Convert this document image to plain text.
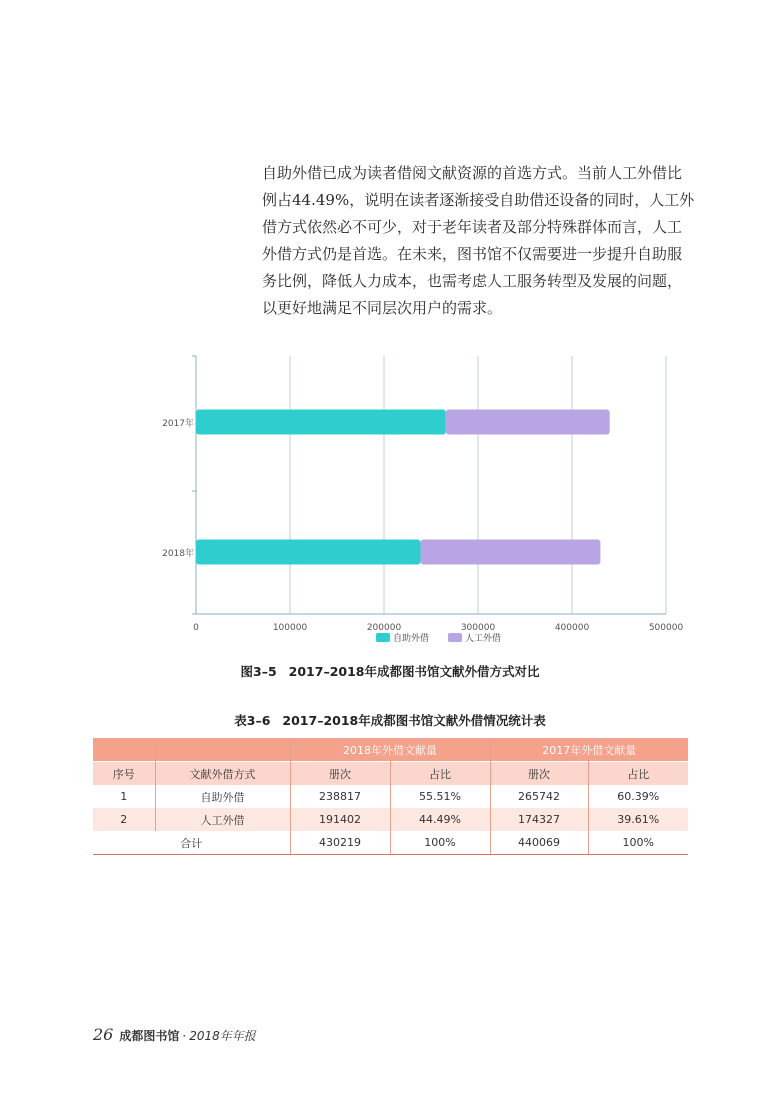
自助外借已成为读者借阅文献资源的首选方式。当前人工外借比
例占44.49%，说明在读者逐渐接受自助借还设备的同时，人工外
借方式依然必不可少，对于老年读者及部分特殊群体而言，人工
外借方式仍是首选。在未来，图书馆不仅需要进一步提升自助服
务比例，降低人力成本，也需考虑人工服务转型及发展的问题，
以更好地满足不同层次用户的需求。
0	100000	200000	300000	400000	500000
2017年
2018年
自助外借	人工外借
图3–5 2017–2018年成都图书馆文献外借方式对比
表3–6 2017–2018年成都图书馆文献外借情况统计表
		2018年外借文献量		2017年外借文献量	
序号	文献外借方式	册次	占比	册次	占比
1	自助外借	238817	55.51%	265742	60.39%
2	人工外借	191402	44.49%	174327	39.61%
合计		430219	100%	440069	100%
26 成都图书馆 · 2018年年报
